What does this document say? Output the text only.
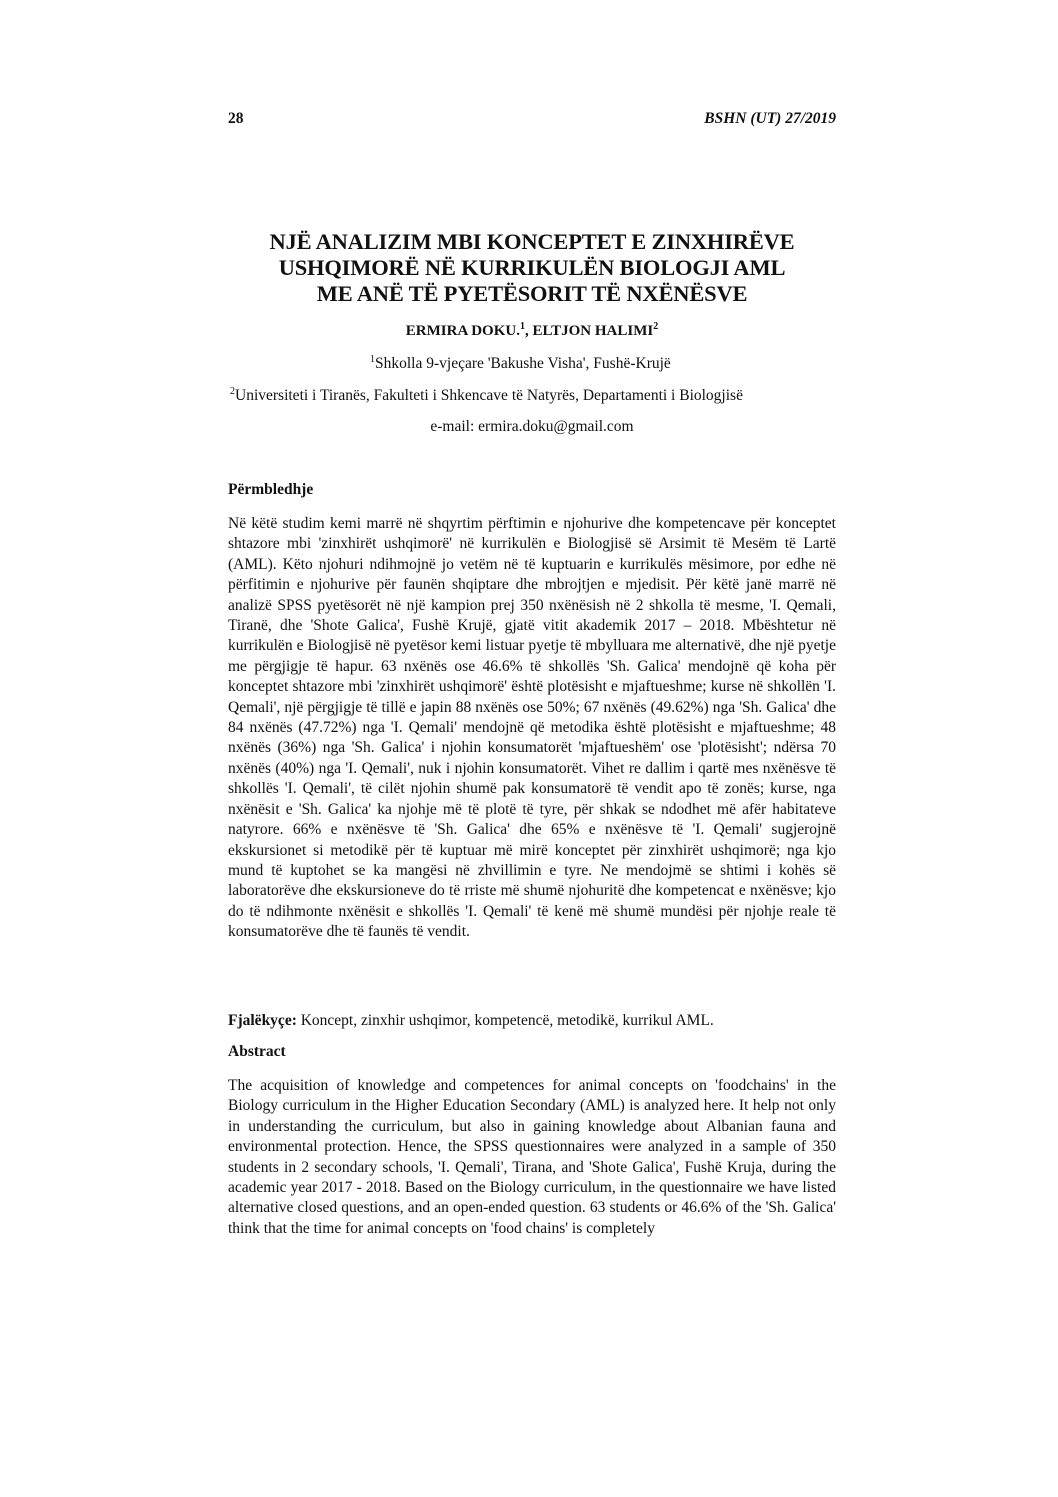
28	BSHN (UT) 27/2019
NJË ANALIZIM MBI KONCEPTET E ZINXHIRËVE
USHQIMORË NË KURRIKULËN BIOLOGJI AML
ME ANË TË PYETËSORIT TË NXËNËSVE
ERMIRA DOKU.$^1$, ELTJON HALIMI$^2$
$^1$Shkolla 9-vjeçare 'Bakushe Visha', Fushë-Krujë
$^2$Universiteti i Tiranës, Fakulteti i Shkencave të Natyrës, Departamenti i Biologjisë
e-mail: ermira.doku@gmail.com
Përmbledhje
Në këtë studim kemi marrë në shqyrtim përftimin e njohurive dhe kompetencave për konceptet shtazore mbi 'zinxhirët ushqimorë' në kurrikulën e Biologjisë së Arsimit të Mesëm të Lartë (AML). Këto njohuri ndihmojnë jo vetëm në të kuptuarin e kurrikulës mësimore, por edhe në përfitimin e njohurive për faunën shqiptare dhe mbrojtjen e mjedisit. Për këtë janë marrë në analizë SPSS pyetësorët në një kampion prej 350 nxënësish në 2 shkolla të mesme, 'I. Qemali, Tiranë, dhe 'Shote Galica', Fushë Krujë, gjatë vitit akademik 2017 – 2018. Mbështetur në kurrikulën e Biologjisë në pyetësor kemi listuar pyetje të mbylluara me alternativë, dhe një pyetje me përgjigje të hapur. 63 nxënës ose 46.6% të shkollës 'Sh. Galica' mendojnë që koha për konceptet shtazore mbi 'zinxhirët ushqimorë' është plotësisht e mjaftueshme; kurse në shkollën 'I. Qemali', një përgjigje të tillë e japin 88 nxënës ose 50%; 67 nxënës (49.62%) nga 'Sh. Galica' dhe 84 nxënës (47.72%) nga 'I. Qemali' mendojnë që metodika është plotësisht e mjaftueshme; 48 nxënës (36%) nga 'Sh. Galica' i njohin konsumatorët 'mjaftueshëm' ose 'plotësisht'; ndërsa 70 nxënës (40%) nga 'I. Qemali', nuk i njohin konsumatorët. Vihet re dallim i qartë mes nxënësve të shkollës 'I. Qemali', të cilët njohin shumë pak konsumatorë të vendit apo të zonës; kurse, nga nxënësit e 'Sh. Galica' ka njohje më të plotë të tyre, për shkak se ndodhet më afër habitateve natyrore. 66% e nxënësve të 'Sh. Galica' dhe 65% e nxënësve të 'I. Qemali' sugjerojnë ekskursionet si metodikë për të kuptuar më mirë konceptet për zinxhirët ushqimorë; nga kjo mund të kuptohet se ka mangësi në zhvillimin e tyre. Ne mendojmë se shtimi i kohës së laboratorëve dhe ekskursioneve do të rriste më shumë njohuritë dhe kompetencat e nxënësve; kjo do të ndihmonte nxënësit e shkollës 'I. Qemali' të kenë më shumë mundësi për njohje reale të konsumatorëve dhe të faunës të vendit.
Fjalëkyçe: Koncept, zinxhir ushqimor, kompetencë, metodikë, kurrikul AML.
Abstract
The acquisition of knowledge and competences for animal concepts on 'foodchains' in the Biology curriculum in the Higher Education Secondary (AML) is analyzed here. It help not only in understanding the curriculum, but also in gaining knowledge about Albanian fauna and environmental protection. Hence, the SPSS questionnaires were analyzed in a sample of 350 students in 2 secondary schools, 'I. Qemali', Tirana, and 'Shote Galica', Fushë Kruja, during the academic year 2017 - 2018. Based on the Biology curriculum, in the questionnaire we have listed alternative closed questions, and an open-ended question. 63 students or 46.6% of the 'Sh. Galica' think that the time for animal concepts on 'food chains' is completely
